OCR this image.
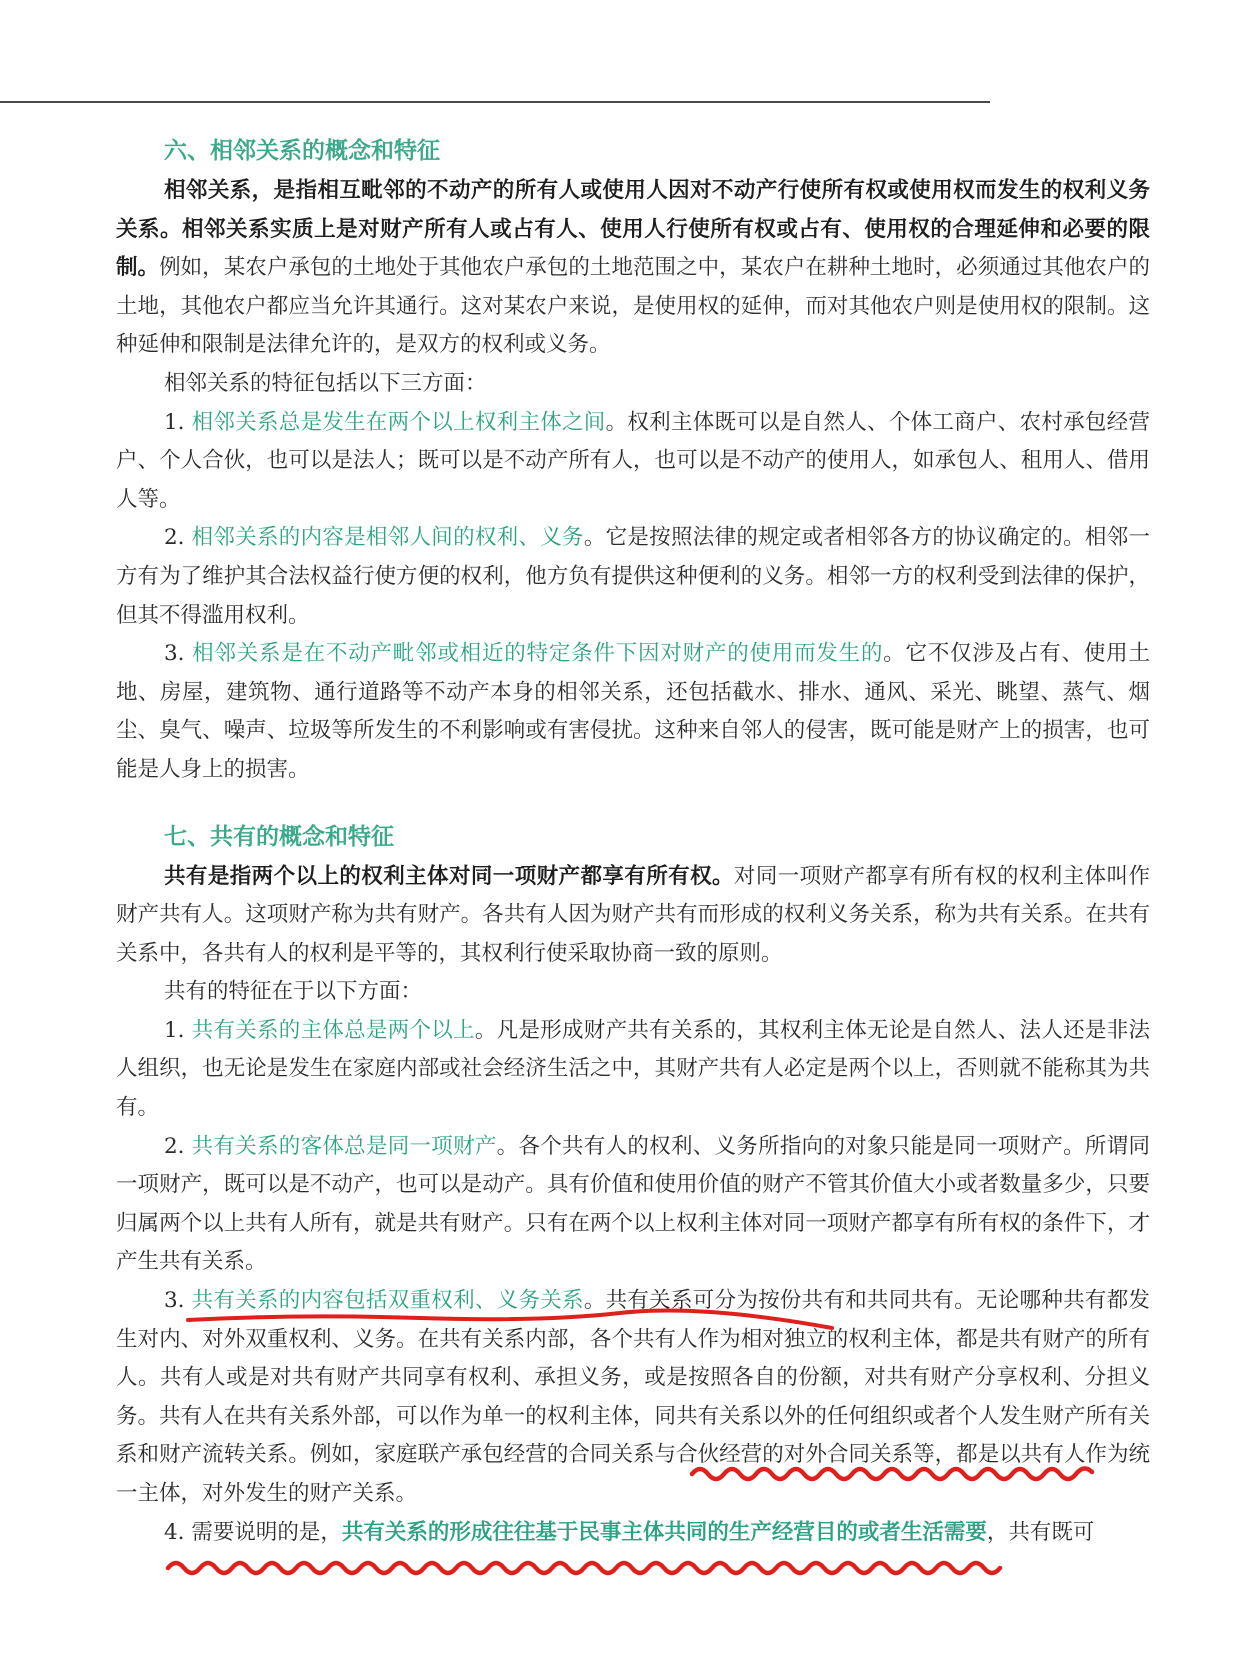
六、相邻关系的概念和特征

相邻关系，是指相互毗邻的不动产的所有人或使用人因对不动产行使所有权或使用权而发生的权利义务关系。相邻关系实质上是对财产所有人或占有人、使用人行使所有权或占有、使用权的合理延伸和必要的限制。例如，某农户承包的土地处于其他农户承包的土地范围之中，某农户在耕种土地时，必须通过其他农户的土地，其他农户都应当允许其通行。这对某农户来说，是使用权的延伸，而对其他农户则是使用权的限制。这种延伸和限制是法律允许的，是双方的权利或义务。

相邻关系的特征包括以下三方面：

1. 相邻关系总是发生在两个以上权利主体之间。权利主体既可以是自然人、个体工商户、农村承包经营户、个人合伙，也可以是法人；既可以是不动产所有人，也可以是不动产的使用人，如承包人、租用人、借用人等。

2. 相邻关系的内容是相邻人间的权利、义务。它是按照法律的规定或者相邻各方的协议确定的。相邻一方有为了维护其合法权益行使方便的权利，他方负有提供这种便利的义务。相邻一方的权利受到法律的保护，但其不得滥用权利。

3. 相邻关系是在不动产毗邻或相近的特定条件下因对财产的使用而发生的。它不仅涉及占有、使用土地、房屋，建筑物、通行道路等不动产本身的相邻关系，还包括截水、排水、通风、采光、眺望、蒸气、烟尘、臭气、噪声、垃圾等所发生的不利影响或有害侵扰。这种来自邻人的侵害，既可能是财产上的损害，也可能是人身上的损害。

七、共有的概念和特征

共有是指两个以上的权利主体对同一项财产都享有所有权。对同一项财产都享有所有权的权利主体叫作财产共有人。这项财产称为共有财产。各共有人因为财产共有而形成的权利义务关系，称为共有关系。在共有关系中，各共有人的权利是平等的，其权利行使采取协商一致的原则。

共有的特征在于以下方面：

1. 共有关系的主体总是两个以上。凡是形成财产共有关系的，其权利主体无论是自然人、法人还是非法人组织，也无论是发生在家庭内部或社会经济生活之中，其财产共有人必定是两个以上，否则就不能称其为共有。

2. 共有关系的客体总是同一项财产。各个共有人的权利、义务所指向的对象只能是同一项财产。所谓同一项财产，既可以是不动产，也可以是动产。具有价值和使用价值的财产不管其价值大小或者数量多少，只要归属两个以上共有人所有，就是共有财产。只有在两个以上权利主体对同一项财产都享有所有权的条件下，才产生共有关系。

3. 共有关系的内容包括双重权利、义务关系。共有关系可分为按份共有和共同共有。无论哪种共有都发生对内、对外双重权利、义务。在共有关系内部，各个共有人作为相对独立的权利主体，都是共有财产的所有人。共有人或是对共有财产共同享有权利、承担义务，或是按照各自的份额，对共有财产分享权利、分担义务。共有人在共有关系外部，可以作为单一的权利主体，同共有关系以外的任何组织或者个人发生财产所有关系和财产流转关系。例如，家庭联产承包经营的合同关系与合伙经营的对外合同关系等，都是以共有人作为统一主体，对外发生的财产关系。

4. 需要说明的是，共有关系的形成往往基于民事主体共同的生产经营目的或者生活需要，共有既可
